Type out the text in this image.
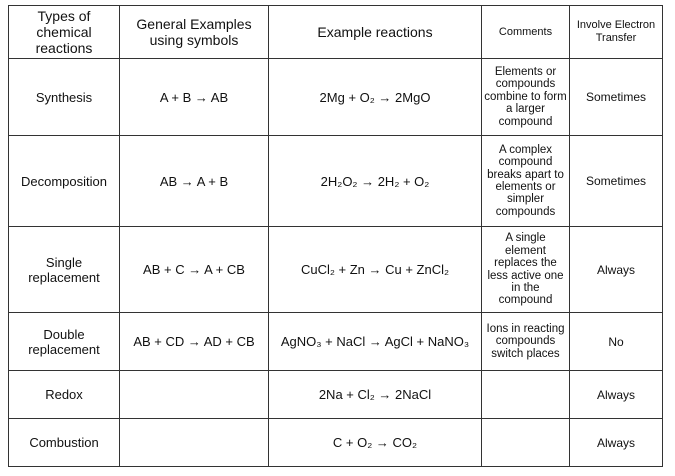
Types of chemical reactions	General Examples using symbols	Example reactions	Comments	Involve Electron Transfer
Synthesis	A + B → AB	2Mg + O₂ → 2MgO	Elements or compounds combine to form a larger compound	Sometimes
Decomposition	AB → A + B	2H₂O₂ → 2H₂ + O₂	A complex compound breaks apart to elements or simpler compounds	Sometimes
Single replacement	AB + C → A + CB	CuCl₂ + Zn → Cu + ZnCl₂	A single element replaces the less active one in the compound	Always
Double replacement	AB + CD → AD + CB	AgNO₃ + NaCl → AgCl + NaNO₃	Ions in reacting compounds switch places	No
Redox		2Na + Cl₂ → 2NaCl		Always
Combustion		C + O₂ → CO₂		Always
